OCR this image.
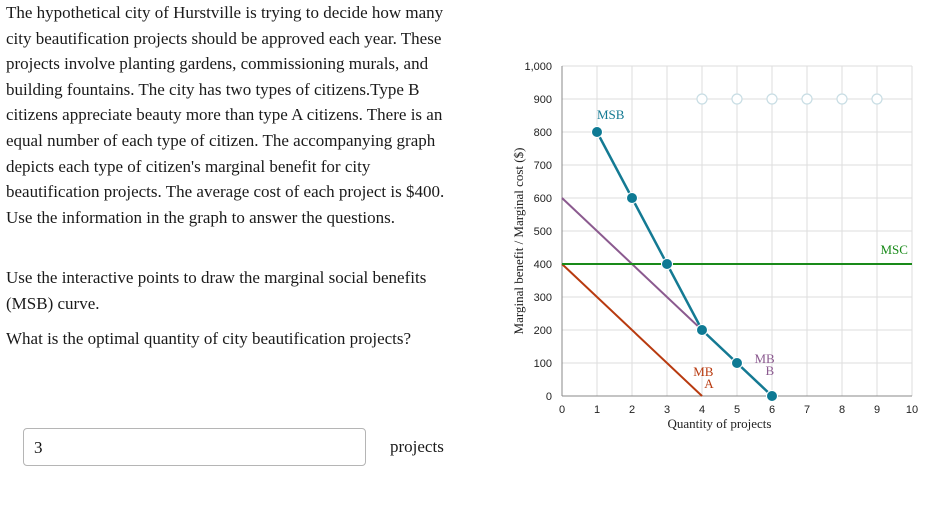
The hypothetical city of Hurstville is trying to decide how many city beautification projects should be approved each year. These projects involve planting gardens, commissioning murals, and building fountains. The city has two types of citizens.Type B citizens appreciate beauty more than type A citizens. There is an equal number of each type of citizen. The accompanying graph depicts each type of citizen's marginal benefit for city beautification projects. The average cost of each project is $400. Use the information in the graph to answer the questions.
Use the interactive points to draw the marginal social benefits (MSB) curve.
What is the optimal quantity of city beautification projects?
3	projects
0	1	2	3	4	5	6	7	8	9 10
0
100
200
300
400
500
600
700
800
900
1,000
MB
A
MB
B
MSC
MSB
Quantity of projects
Marginal benefit / Marginal cost ($)
